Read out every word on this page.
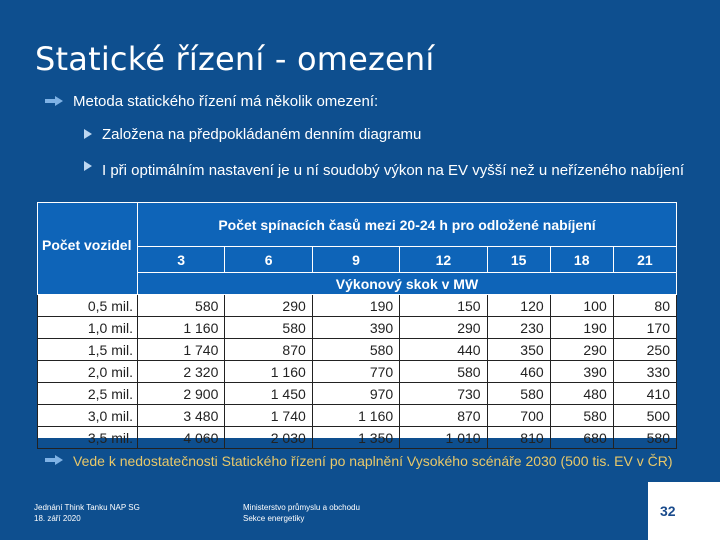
Statické řízení - omezení
Metoda statického řízení má několik omezení:
Založena na předpokládaném denním diagramu
I při optimálním nastavení je u ní soudobý výkon na EV vyšší než u neřízeného nabíjení
Počet vozidel	Počet spínacích časů mezi 20-24 h pro odložené nabíjení						
	3	6	9	12	15	18	21
	Výkonový skok v MW						
0,5 mil.	580	290	190	150	120	100	80
1,0 mil.	1 160	580	390	290	230	190	170
1,5 mil.	1 740	870	580	440	350	290	250
2,0 mil.	2 320	1 160	770	580	460	390	330
2,5 mil.	2 900	1 450	970	730	580	480	410
3,0 mil.	3 480	1 740	1 160	870	700	580	500
3,5 mil.	4 060	2 030	1 350	1 010	810	680	580
Vede k nedostatečnosti Statického řízení po naplnění Vysokého scénáře 2030 (500 tis. EV v ČR)
Jednání Think Tanku NAP SG
18. září 2020
Ministerstvo průmyslu a obchodu
Sekce energetiky	32
